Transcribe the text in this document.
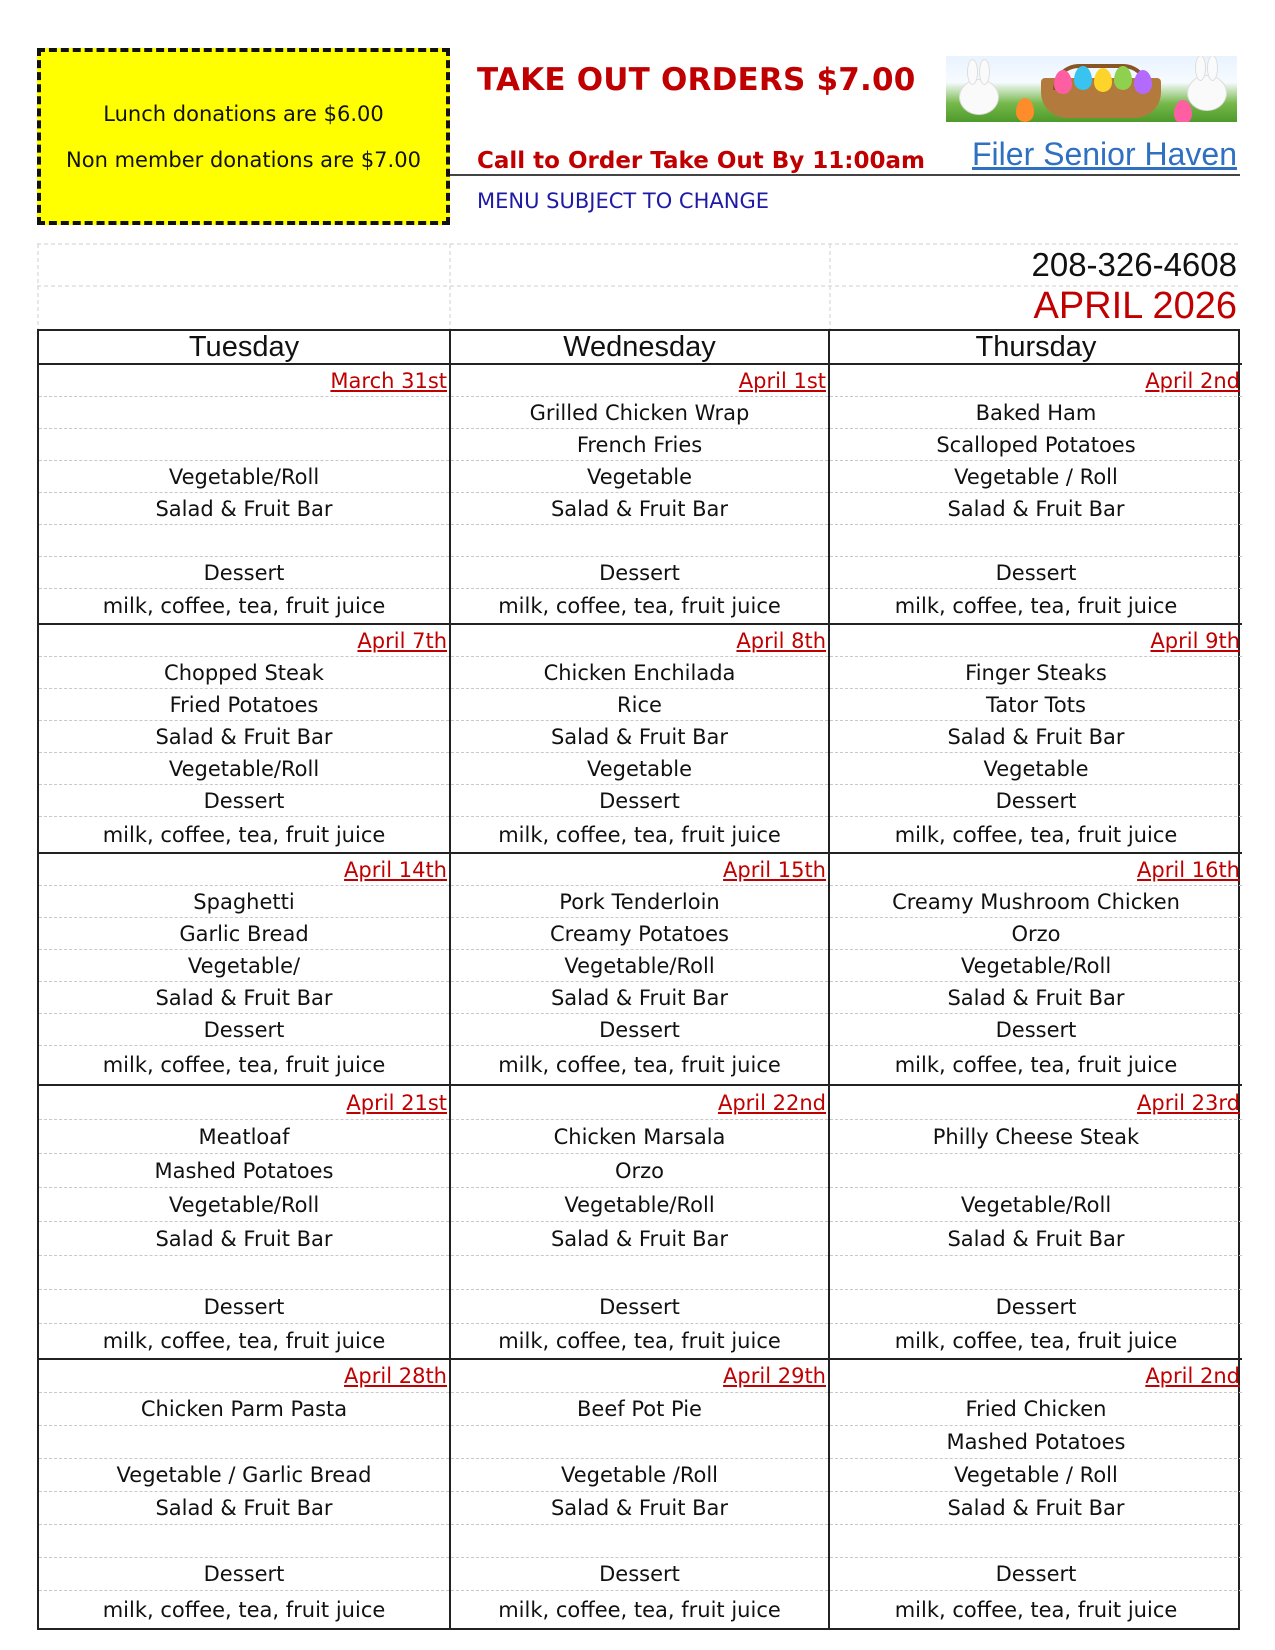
Lunch donations are $6.00
Non member donations are $7.00
TAKE OUT ORDERS $7.00
Call to Order Take Out By 11:00am
MENU SUBJECT TO CHANGE
Filer Senior Haven
208-326-4608
APRIL 2026
Tuesday	Wednesday	Thursday
March 31st
Vegetable/Roll
Salad & Fruit Bar
Dessert
milk, coffee, tea, fruit juice
April 1st
Grilled Chicken Wrap
French Fries
Vegetable
Salad & Fruit Bar
Dessert
milk, coffee, tea, fruit juice
April 2nd
Baked Ham
Scalloped Potatoes
Vegetable / Roll
Salad & Fruit Bar
Dessert
milk, coffee, tea, fruit juice
April 7th
Chopped Steak
Fried Potatoes
Salad & Fruit Bar
Vegetable/Roll
Dessert
milk, coffee, tea, fruit juice
April 8th
Chicken Enchilada
Rice
Salad & Fruit Bar
Vegetable
Dessert
milk, coffee, tea, fruit juice
April 9th
Finger Steaks
Tator Tots
Salad & Fruit Bar
Vegetable
Dessert
milk, coffee, tea, fruit juice
April 14th
Spaghetti
Garlic Bread
Vegetable/
Salad & Fruit Bar
Dessert
milk, coffee, tea, fruit juice
April 15th
Pork Tenderloin
Creamy Potatoes
Vegetable/Roll
Salad & Fruit Bar
Dessert
milk, coffee, tea, fruit juice
April 16th
Creamy Mushroom Chicken
Orzo
Vegetable/Roll
Salad & Fruit Bar
Dessert
milk, coffee, tea, fruit juice
April 21st
Meatloaf
Mashed Potatoes
Vegetable/Roll
Salad & Fruit Bar
Dessert
milk, coffee, tea, fruit juice
April 22nd
Chicken Marsala
Orzo
Vegetable/Roll
Salad & Fruit Bar
Dessert
milk, coffee, tea, fruit juice
April 23rd
Philly Cheese Steak
Vegetable/Roll
Salad & Fruit Bar
Dessert
milk, coffee, tea, fruit juice
April 28th
Chicken Parm Pasta
Vegetable / Garlic Bread
Salad & Fruit Bar
Dessert
milk, coffee, tea, fruit juice
April 29th
Beef Pot Pie
Vegetable /Roll
Salad & Fruit Bar
Dessert
milk, coffee, tea, fruit juice
April 2nd
Fried Chicken
Mashed Potatoes
Vegetable / Roll
Salad & Fruit Bar
Dessert
milk, coffee, tea, fruit juice
